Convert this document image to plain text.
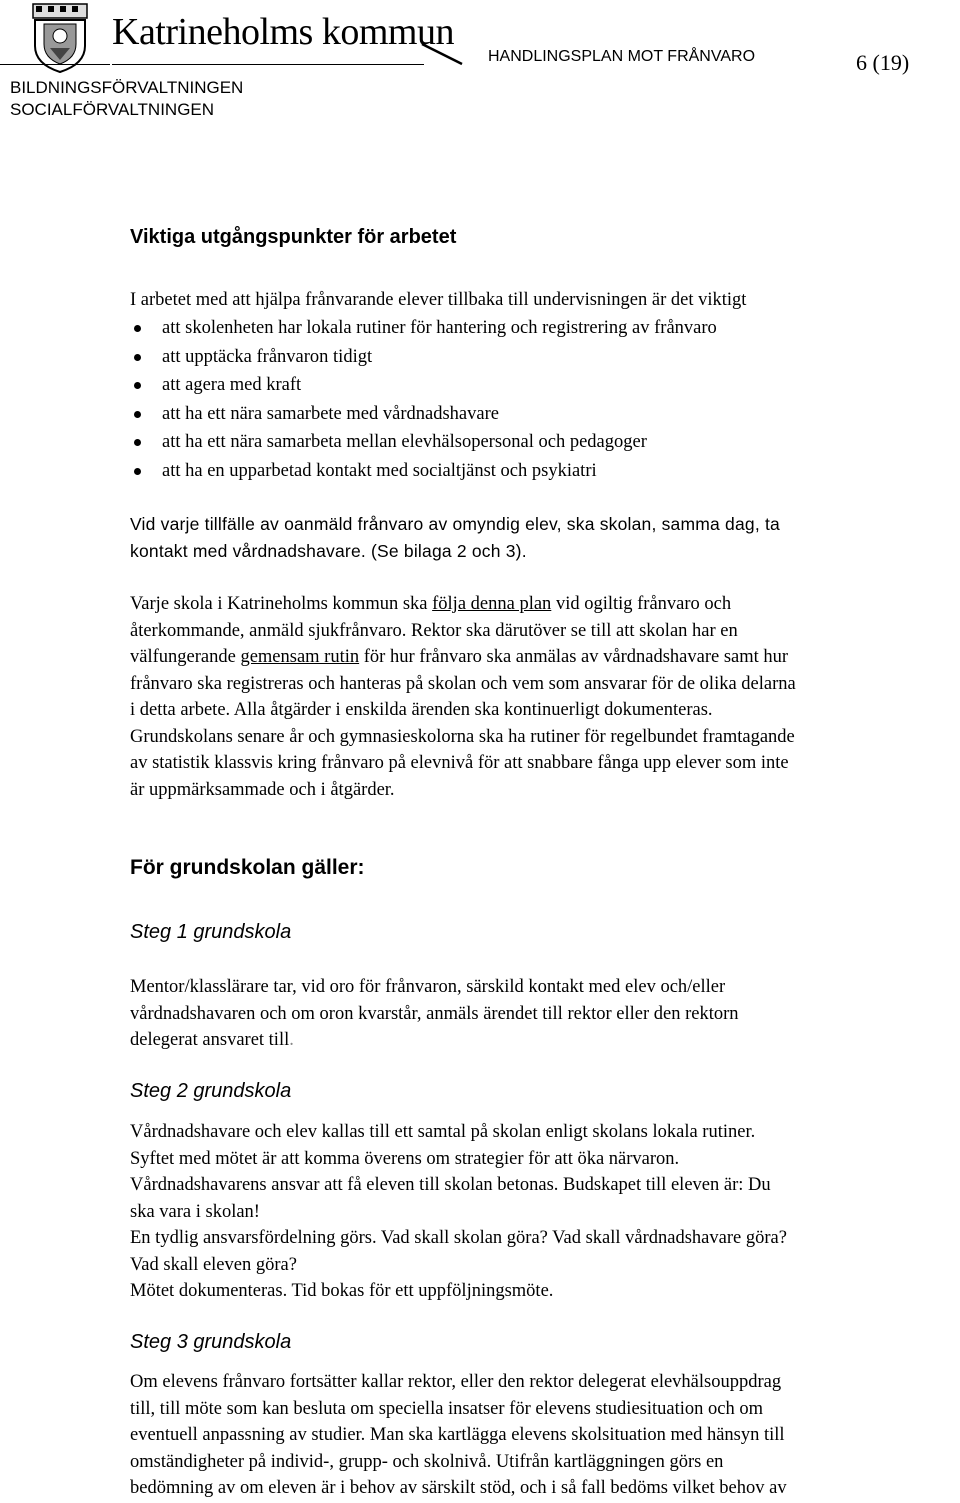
Katrineholms kommun
HANDLINGSPLAN MOT FRÅNVARO	6 (19)
BILDNINGSFÖRVALTNINGEN
SOCIALFÖRVALTNINGEN
Viktiga utgångspunkter för arbetet
I arbetet med att hjälpa frånvarande elever tillbaka till undervisningen är det viktigt
att skolenheten har lokala rutiner för hantering och registrering av frånvaro
att upptäcka frånvaron tidigt
att agera med kraft
att ha ett nära samarbete med vårdnadshavare
att ha ett nära samarbeta mellan elevhälsopersonal och pedagoger
att ha en upparbetad kontakt med socialtjänst och psykiatri
Vid varje tillfälle av oanmäld frånvaro av omyndig elev, ska skolan, samma dag, ta
kontakt med vårdnadshavare. (Se bilaga 2 och 3).
Varje skola i Katrineholms kommun ska följa denna plan vid ogiltig frånvaro och
återkommande, anmäld sjukfrånvaro. Rektor ska därutöver se till att skolan har en
välfungerande gemensam rutin för hur frånvaro ska anmälas av vårdnadshavare samt hur
frånvaro ska registreras och hanteras på skolan och vem som ansvarar för de olika delarna
i detta arbete. Alla åtgärder i enskilda ärenden ska kontinuerligt dokumenteras.
Grundskolans senare år och gymnasieskolorna ska ha rutiner för regelbundet framtagande
av statistik klassvis kring frånvaro på elevnivå för att snabbare fånga upp elever som inte
är uppmärksammade och i åtgärder.
För grundskolan gäller:
Steg 1 grundskola
Mentor/klasslärare tar, vid oro för frånvaron, särskild kontakt med elev och/eller
vårdnadshavaren och om oron kvarstår, anmäls ärendet till rektor eller den rektorn
delegerat ansvaret till.
Steg 2 grundskola
Vårdnadshavare och elev kallas till ett samtal på skolan enligt skolans lokala rutiner.
Syftet med mötet är att komma överens om strategier för att öka närvaron.
Vårdnadshavarens ansvar att få eleven till skolan betonas. Budskapet till eleven är: Du
ska vara i skolan!
En tydlig ansvarsfördelning görs. Vad skall skolan göra? Vad skall vårdnadshavare göra?
Vad skall eleven göra?
Mötet dokumenteras. Tid bokas för ett uppföljningsmöte.
Steg 3 grundskola
Om elevens frånvaro fortsätter kallar rektor, eller den rektor delegerat elevhälsouppdrag
till, till möte som kan besluta om speciella insatser för elevens studiesituation och om
eventuell anpassning av studier. Man ska kartlägga elevens skolsituation med hänsyn till
omständigheter på individ-, grupp- och skolnivå. Utifrån kartläggningen görs en
bedömning av om eleven är i behov av särskilt stöd, och i så fall bedöms vilket behov av
